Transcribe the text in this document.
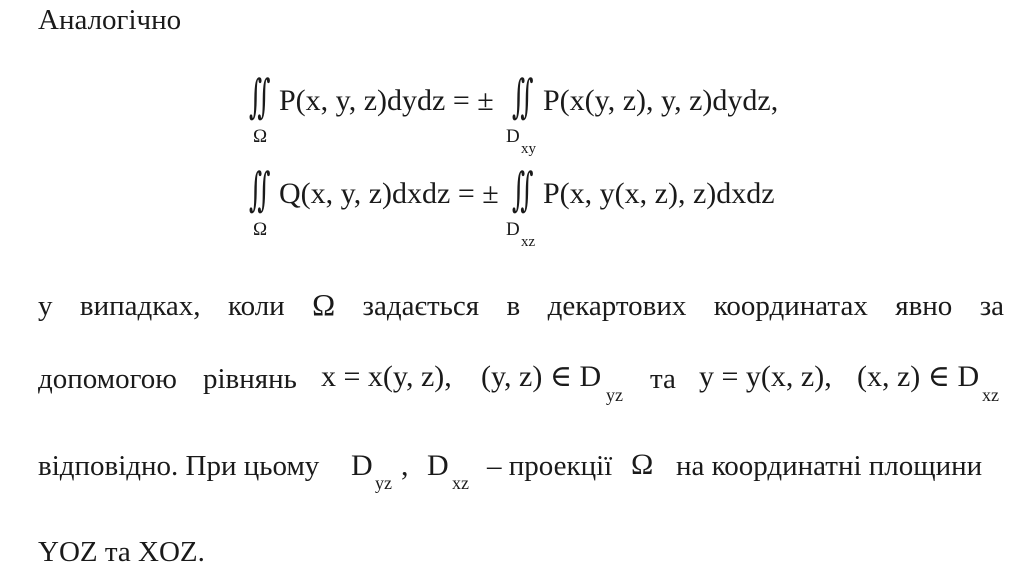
Аналогічно
∬
Ω
P(x, y, z)dydz = ± ∬
D
xy
P(x(y, z), y, z)dydz,
∬
Ω
Q(x, y, z)dxdz = ± ∬
D
xz
P(x, y(x, z), z)dxdz
у випадках, коли Ω задається в декартових координатах явно за
допомогою рівнянь x = x(y, z), (y, z) ∈ D
yz та y = y(x, z), (x, z) ∈ D
xz
відповідно. При цьому D
yz
, D
xz
– проекції Ω на координатні площини
YOZ та XOZ.
